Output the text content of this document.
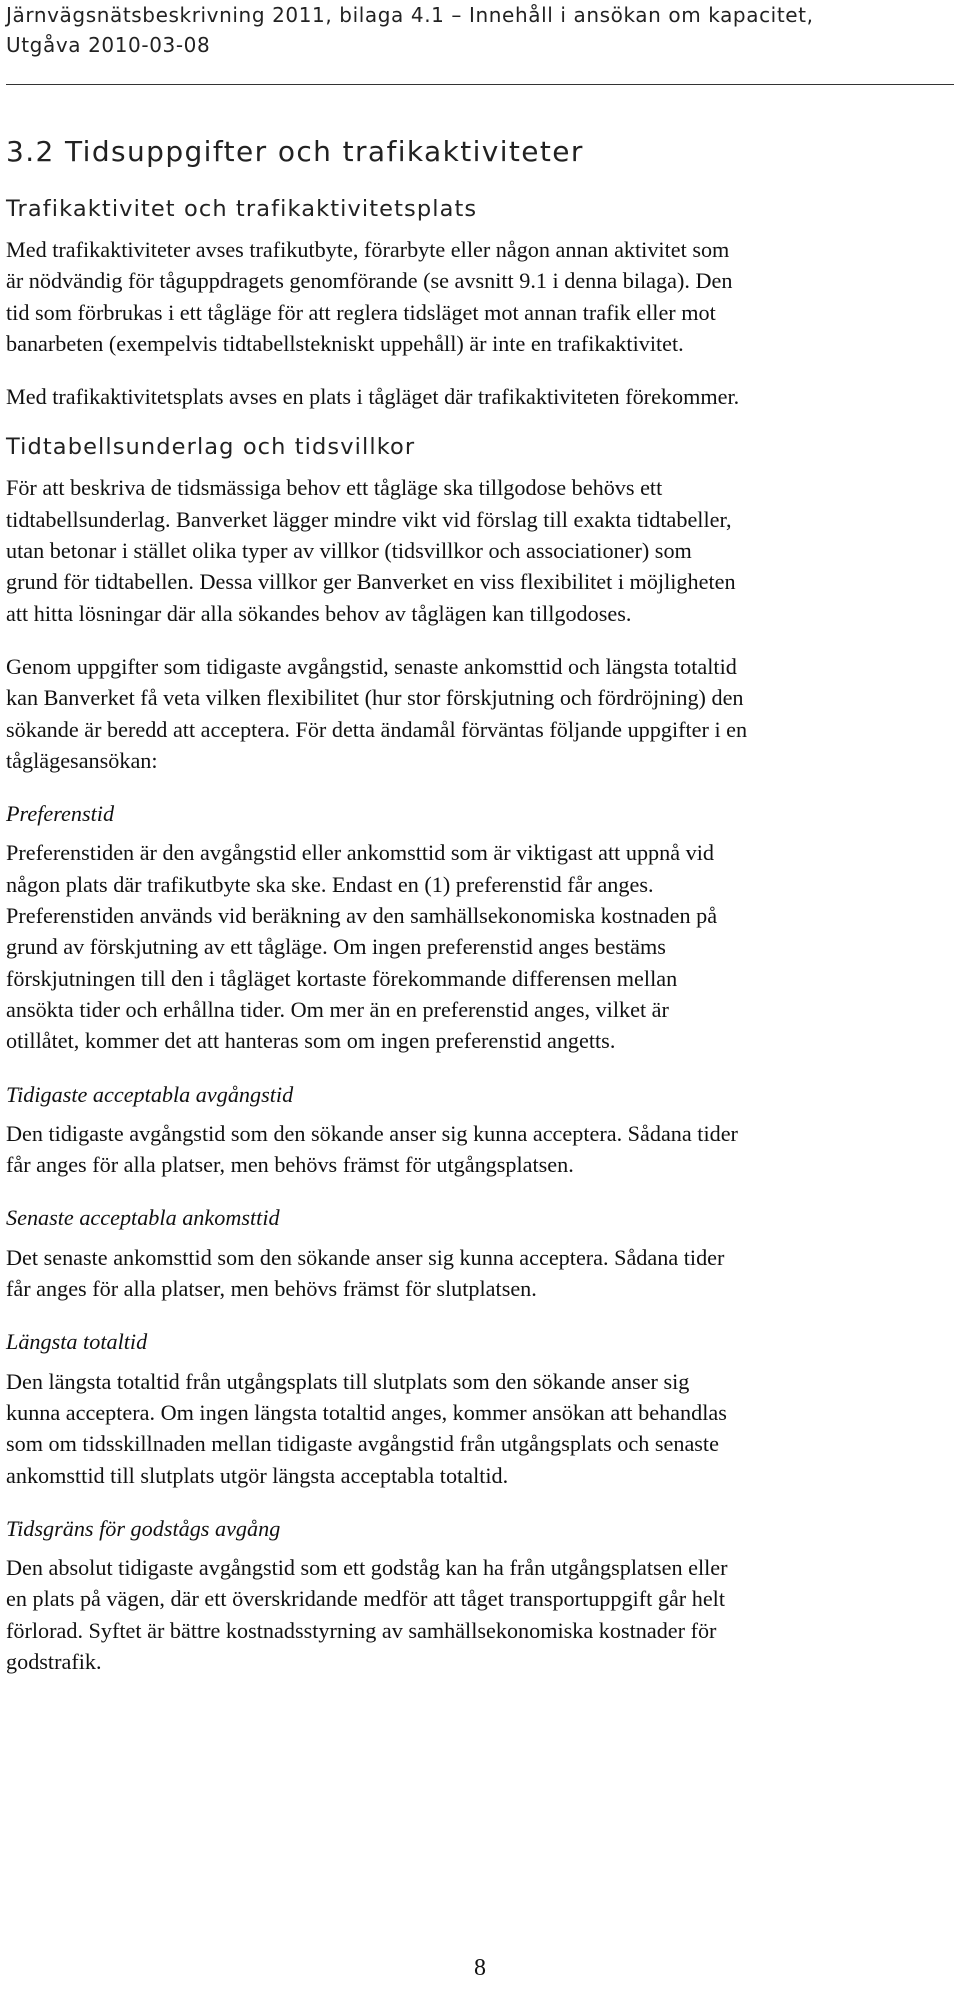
Järnvägsnätsbeskrivning 2011, bilaga 4.1 – Innehåll i ansökan om kapacitet,
Utgåva 2010-03-08
3.2 Tidsuppgifter och trafikaktiviteter
Trafikaktivitet och trafikaktivitetsplats
Med trafikaktiviteter avses trafikutbyte, förarbyte eller någon annan aktivitet som
är nödvändig för tåguppdragets genomförande (se avsnitt 9.1 i denna bilaga). Den
tid som förbrukas i ett tågläge för att reglera tidsläget mot annan trafik eller mot
banarbeten (exempelvis tidtabellstekniskt uppehåll) är inte en trafikaktivitet.
Med trafikaktivitetsplats avses en plats i tågläget där trafikaktiviteten förekommer.
Tidtabellsunderlag och tidsvillkor
För att beskriva de tidsmässiga behov ett tågläge ska tillgodose behövs ett
tidtabellsunderlag. Banverket lägger mindre vikt vid förslag till exakta tidtabeller,
utan betonar i stället olika typer av villkor (tidsvillkor och associationer) som
grund för tidtabellen. Dessa villkor ger Banverket en viss flexibilitet i möjligheten
att hitta lösningar där alla sökandes behov av tåglägen kan tillgodoses.
Genom uppgifter som tidigaste avgångstid, senaste ankomsttid och längsta totaltid
kan Banverket få veta vilken flexibilitet (hur stor förskjutning och fördröjning) den
sökande är beredd att acceptera. För detta ändamål förväntas följande uppgifter i en
tåglägesansökan:
Preferenstid
Preferenstiden är den avgångstid eller ankomsttid som är viktigast att uppnå vid
någon plats där trafikutbyte ska ske. Endast en (1) preferenstid får anges.
Preferenstiden används vid beräkning av den samhällsekonomiska kostnaden på
grund av förskjutning av ett tågläge. Om ingen preferenstid anges bestäms
förskjutningen till den i tågläget kortaste förekommande differensen mellan
ansökta tider och erhållna tider. Om mer än en preferenstid anges, vilket är
otillåtet, kommer det att hanteras som om ingen preferenstid angetts.
Tidigaste acceptabla avgångstid
Den tidigaste avgångstid som den sökande anser sig kunna acceptera. Sådana tider
får anges för alla platser, men behövs främst för utgångsplatsen.
Senaste acceptabla ankomsttid
Det senaste ankomsttid som den sökande anser sig kunna acceptera. Sådana tider
får anges för alla platser, men behövs främst för slutplatsen.
Längsta totaltid
Den längsta totaltid från utgångsplats till slutplats som den sökande anser sig
kunna acceptera. Om ingen längsta totaltid anges, kommer ansökan att behandlas
som om tidsskillnaden mellan tidigaste avgångstid från utgångsplats och senaste
ankomsttid till slutplats utgör längsta acceptabla totaltid.
Tidsgräns för godstågs avgång
Den absolut tidigaste avgångstid som ett godståg kan ha från utgångsplatsen eller
en plats på vägen, där ett överskridande medför att tåget transportuppgift går helt
förlorad. Syftet är bättre kostnadsstyrning av samhällsekonomiska kostnader för
godstrafik.
8
